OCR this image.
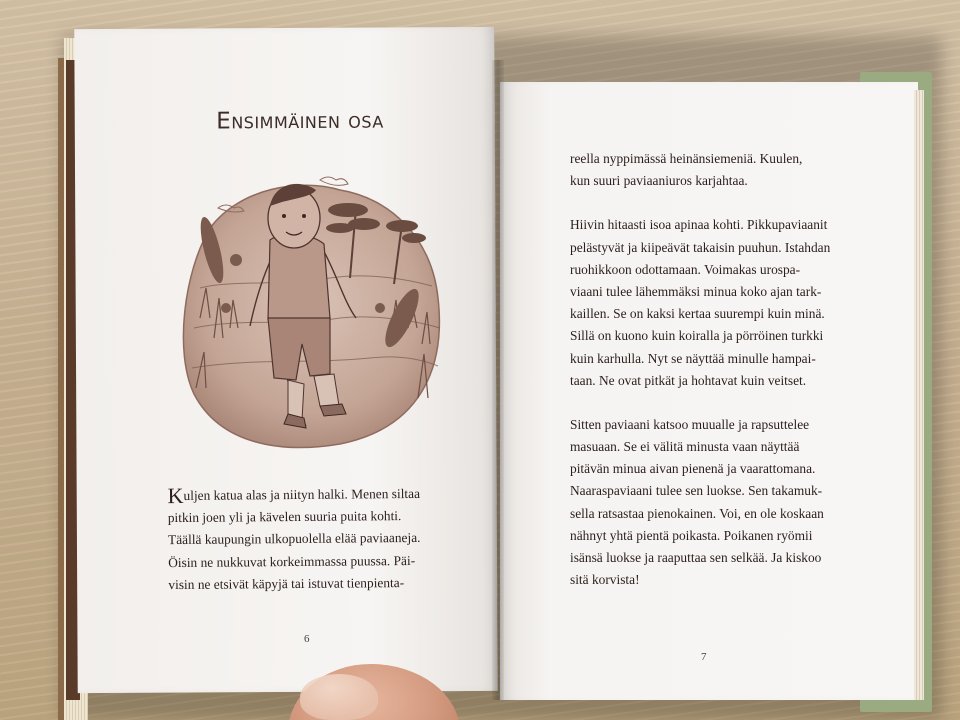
Ensimmäinen osa
Kuljen katua alas ja niityn halki. Menen siltaa
pitkin joen yli ja kävelen suuria puita kohti.
Täällä kaupungin ulkopuolella elää paviaaneja.
Öisin ne nukkuvat korkeimmassa puussa. Päi-
visin ne etsivät käpyjä tai istuvat tienpienta-
6
reella nyppimässä heinänsiemeniä. Kuulen,
kun suuri paviaaniuros karjahtaa.
Hiivin hitaasti isoa apinaa kohti. Pikkupaviaanit
pelästyvät ja kiipeävät takaisin puuhun. Istahdan
ruohikkoon odottamaan. Voimakas urospa-
viaani tulee lähemmäksi minua koko ajan tark-
kaillen. Se on kaksi kertaa suurempi kuin minä.
Sillä on kuono kuin koiralla ja pörröinen turkki
kuin karhulla. Nyt se näyttää minulle hampai-
taan. Ne ovat pitkät ja hohtavat kuin veitset.
Sitten paviaani katsoo muualle ja rapsuttelee
masuaan. Se ei välitä minusta vaan näyttää
pitävän minua aivan pienenä ja vaarattomana.
Naaraspaviaani tulee sen luokse. Sen takamuk-
sella ratsastaa pienokainen. Voi, en ole koskaan
nähnyt yhtä pientä poikasta. Poikanen ryömii
isänsä luokse ja raaputtaa sen selkää. Ja kiskoo
sitä korvista!
7
